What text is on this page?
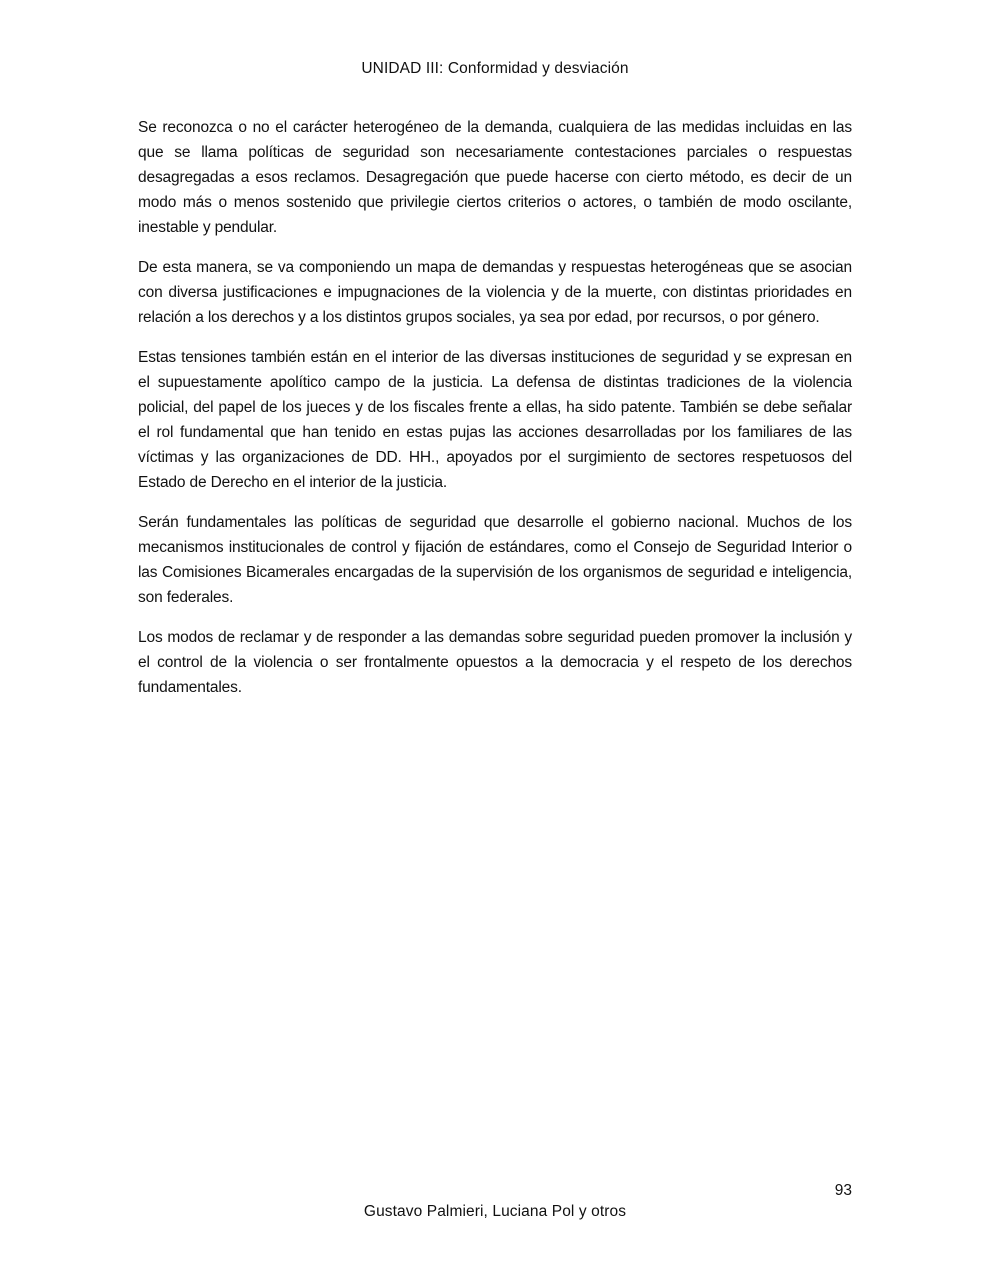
UNIDAD III: Conformidad y desviación

Se reconozca o no el carácter heterogéneo de la demanda, cualquiera de las medidas incluidas en las que se llama políticas de seguridad son necesariamente contestaciones parciales o respuestas desagregadas a esos reclamos. Desagregación que puede hacerse con cierto método, es decir de un modo más o menos sostenido que privilegie ciertos criterios o actores, o también de modo oscilante, inestable y pendular.

De esta manera, se va componiendo un mapa de demandas y respuestas heterogéneas que se asocian con diversa justificaciones e impugnaciones de la violencia y de la muerte, con distintas prioridades en relación a los derechos y a los distintos grupos sociales, ya sea por edad, por recursos, o por género.

Estas tensiones también están en el interior de las diversas instituciones de seguridad y se expresan en el supuestamente apolítico campo de la justicia. La defensa de distintas tradiciones de la violencia policial, del papel de los jueces y de los fiscales frente a ellas, ha sido patente. También se debe señalar el rol fundamental que han tenido en estas pujas las acciones desarrolladas por los familiares de las víctimas y las organizaciones de DD. HH., apoyados por el surgimiento de sectores respetuosos del Estado de Derecho en el interior de la justicia.

Serán fundamentales las políticas de seguridad que desarrolle el gobierno nacional. Muchos de los mecanismos institucionales de control y fijación de estándares, como el Consejo de Seguridad Interior o las Comisiones Bicamerales encargadas de la supervisión de los organismos de seguridad e inteligencia, son federales.

Los modos de reclamar y de responder a las demandas sobre seguridad pueden promover la inclusión y el control de la violencia o ser frontalmente opuestos a la democracia y el respeto de los derechos fundamentales.

93
Gustavo Palmieri, Luciana Pol y otros
